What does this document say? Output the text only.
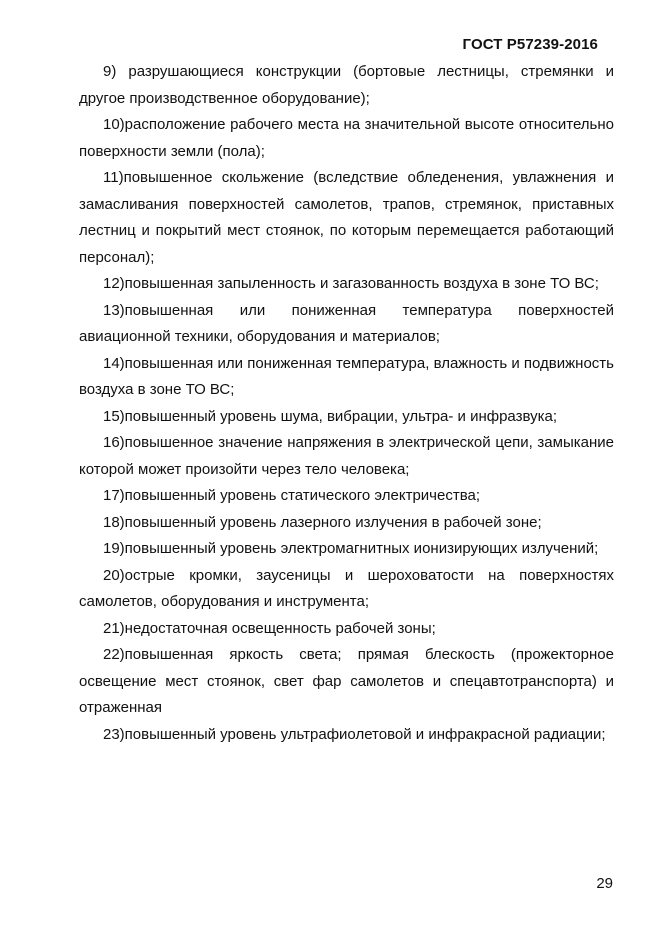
ГОСТ Р57239-2016

9) разрушающиеся конструкции (бортовые лестницы, стремянки и другое производственное оборудование);

10)расположение рабочего места на значительной высоте относительно поверхности земли (пола);

11)повышенное скольжение (вследствие обледенения, увлажнения и замасливания поверхностей самолетов, трапов, стремянок, приставных лестниц и покрытий мест стоянок, по которым перемещается работающий персонал);

12)повышенная запыленность и загазованность воздуха в зоне ТО ВС;

13)повышенная или пониженная температура поверхностей авиационной техники, оборудования и материалов;

14)повышенная или пониженная температура, влажность и подвижность воздуха в зоне ТО ВС;

15)повышенный уровень шума, вибрации, ультра- и инфразвука;

16)повышенное значение напряжения в электрической цепи, замыкание которой может произойти через тело человека;

17)повышенный уровень статического электричества;

18)повышенный уровень лазерного излучения в рабочей зоне;

19)повышенный уровень электромагнитных ионизирующих излучений;

20)острые кромки, заусеницы и шероховатости на поверхностях самолетов, оборудования и инструмента;

21)недостаточная освещенность рабочей зоны;

22)повышенная яркость света; прямая блескость (прожекторное освещение мест стоянок, свет фар самолетов и спецавтотранспорта) и отраженная

23)повышенный уровень ультрафиолетовой и инфракрасной радиации;

29
